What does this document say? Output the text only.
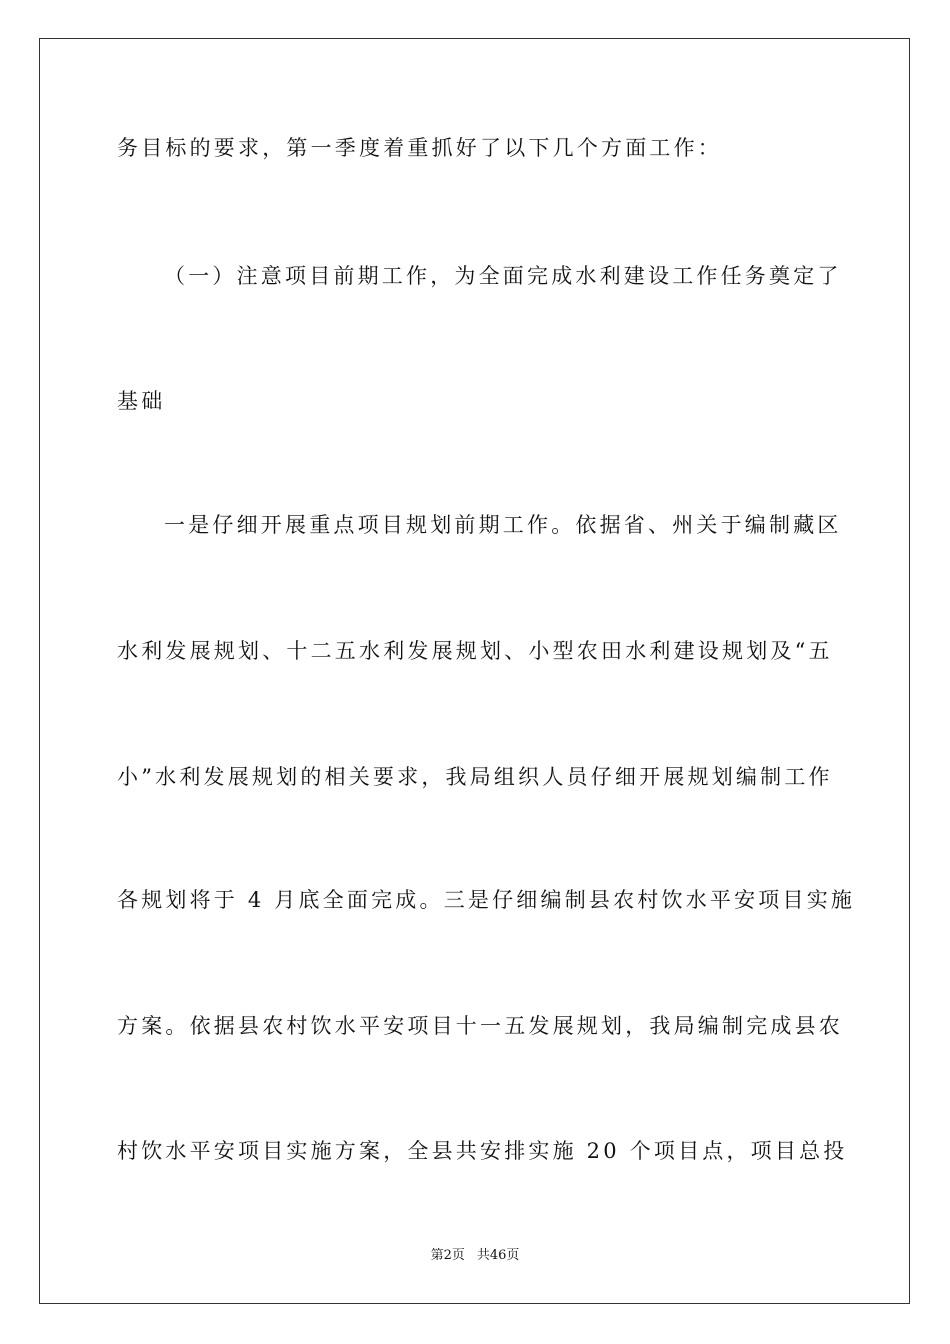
务目标的要求，第一季度着重抓好了以下几个方面工作：
（一）注意项目前期工作，为全面完成水利建设工作任务奠定了
基础
一是仔细开展重点项目规划前期工作。依据省、州关于编制藏区
水利发展规划、十二五水利发展规划、小型农田水利建设规划及“五
小”水利发展规划的相关要求，我局组织人员仔细开展规划编制工作
各规划将于 4 月底全面完成。三是仔细编制县农村饮水平安项目实施
方案。依据县农村饮水平安项目十一五发展规划，我局编制完成县农
村饮水平安项目实施方案，全县共安排实施 20 个项目点，项目总投
第2页 共46页
